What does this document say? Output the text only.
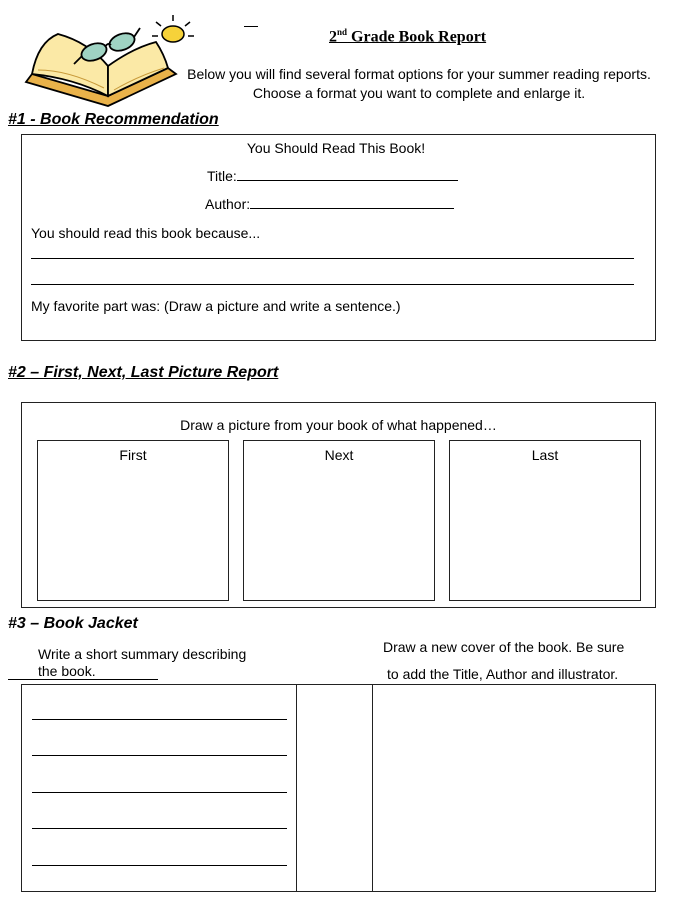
2nd Grade Book Report
Below you will find several format options for your summer reading reports. Choose a format you want to complete and enlarge it.
#1 - Book Recommendation
You Should Read This Book!
Title:
Author:
You should read this book because...
My favorite part was: (Draw a picture and write a sentence.)
#2 – First, Next, Last Picture Report
Draw a picture from your book of what happened…
First	Next	Last
#3 – Book Jacket
Write a short summary describing
the book.
Draw a new cover of the book. Be sure
to add the Title, Author and illustrator.
